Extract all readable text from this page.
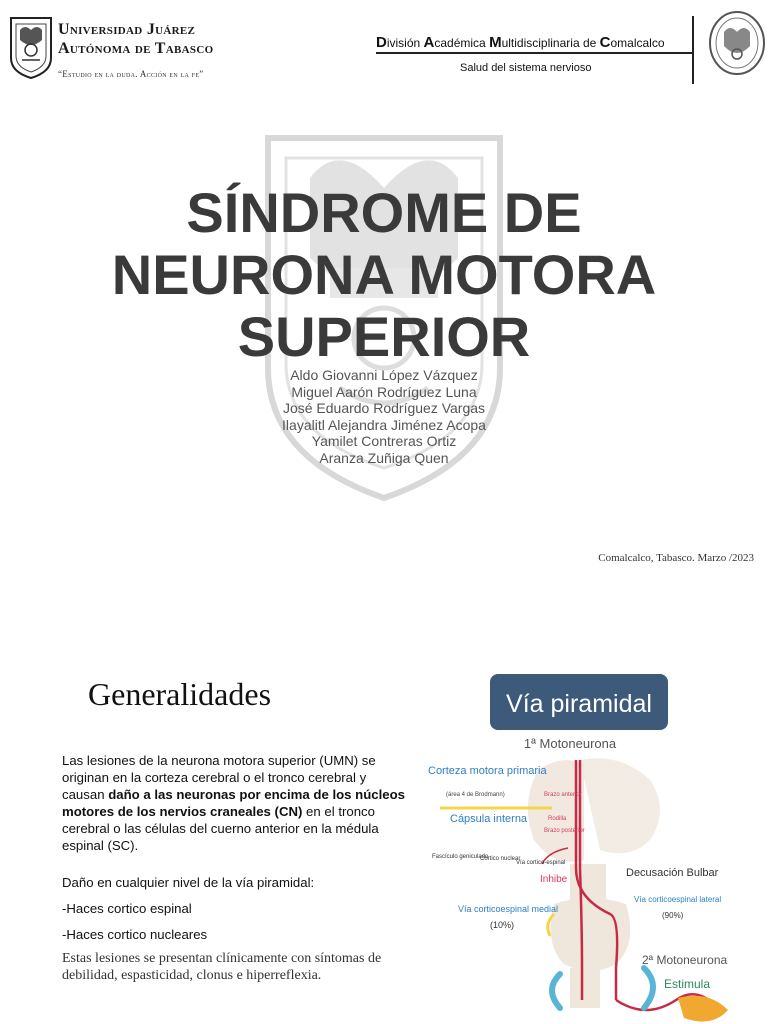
Universidad Juárez
Autónoma de Tabasco
“Estudio en la duda. Acción en la fe”
División Académica Multidisciplinaria de Comalcalco
Salud del sistema nervioso
SÍNDROME DE
NEURONA MOTORA
SUPERIOR
Aldo Giovanni López Vázquez
Miguel Aarón Rodríguez Luna
José Eduardo Rodríguez Vargas
Ilayalitl Alejandra Jiménez Acopa
Yamilet Contreras Ortiz
Aranza Zuñiga Quen
Comalcalco, Tabasco. Marzo /2023
Generalidades
Las lesiones de la neurona motora superior (UMN) se originan en la corteza cerebral o el tronco cerebral y causan daño a las neuronas por encima de los núcleos motores de los nervios craneales (CN) en el tronco cerebral o las células del cuerno anterior en la médula espinal (SC).
Daño en cualquier nivel de la vía piramidal:
-Haces cortico espinal
-Haces cortico nucleares
Estas lesiones se presentan clínicamente con síntomas de debilidad, espasticidad, clonus e hiperreflexia.
Vía piramidal
1ª Motoneurona
Corteza motora primaria
(área 4 de Brodmann)
Cápsula interna
Brazo anterior
Rodilla
Brazo posterior
Fascículo geniculado
Cortico nuclear
Vía cortico-espinal
Inhibe
Decusación Bulbar
Vía corticoespinal lateral
(90%)
Vía corticoespinal medial
(10%)
2ª Motoneurona
Estimula
